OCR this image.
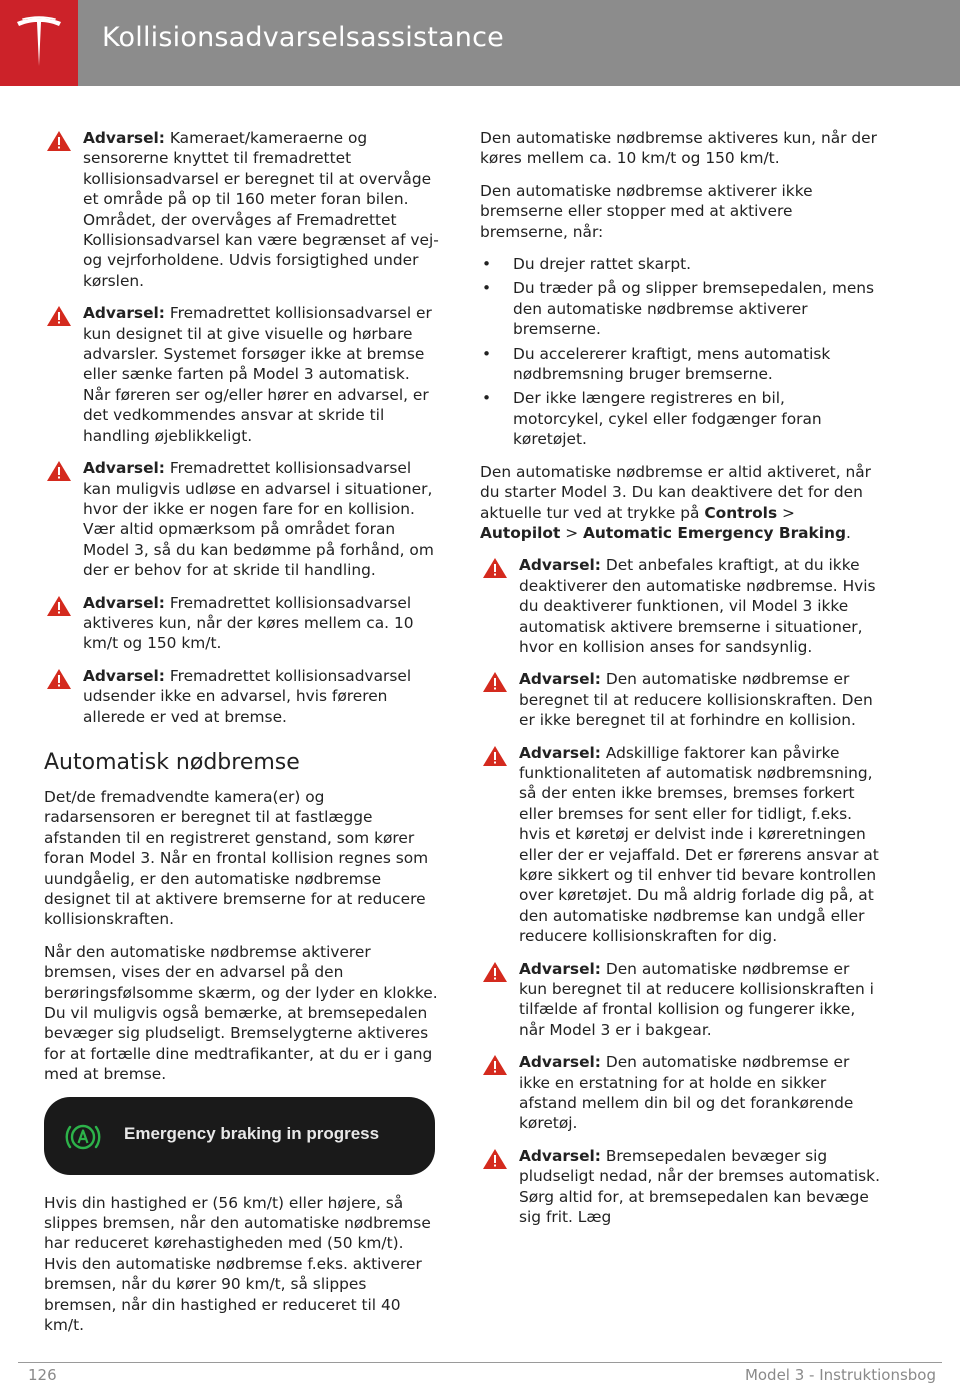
Kollisionsadvarselsassistance
Advarsel: Kameraet/kameraerne og sensorerne knyttet til fremadrettet kollisionsadvarsel er beregnet til at overvåge et område på op til 160 meter foran bilen. Området, der overvåges af Fremadrettet Kollisionsadvarsel kan være begrænset af vej- og vejrforholdene. Udvis forsigtighed under kørslen.
Advarsel: Fremadrettet kollisionsadvarsel er kun designet til at give visuelle og hørbare advarsler. Systemet forsøger ikke at bremse eller sænke farten på Model 3 automatisk. Når føreren ser og/eller hører en advarsel, er det vedkommendes ansvar at skride til handling øjeblikkeligt.
Advarsel: Fremadrettet kollisionsadvarsel kan muligvis udløse en advarsel i situationer, hvor der ikke er nogen fare for en kollision. Vær altid opmærksom på området foran Model 3, så du kan bedømme på forhånd, om der er behov for at skride til handling.
Advarsel: Fremadrettet kollisionsadvarsel aktiveres kun, når der køres mellem ca. 10 km/t og 150 km/t.
Advarsel: Fremadrettet kollisionsadvarsel udsender ikke en advarsel, hvis føreren allerede er ved at bremse.
Automatisk nødbremse

Det/de fremadvendte kamera(er) og radarsensoren er beregnet til at fastlægge afstanden til en registreret genstand, som kører foran Model 3. Når en frontal kollision regnes som uundgåelig, er den automatiske nødbremse designet til at aktivere bremserne for at reducere kollisionskraften.

Når den automatiske nødbremse aktiverer bremsen, vises der en advarsel på den berøringsfølsomme skærm, og der lyder en klokke. Du vil muligvis også bemærke, at bremsepedalen bevæger sig pludseligt. Bremselygterne aktiveres for at fortælle dine medtrafikanter, at du er i gang med at bremse.

Emergency braking in progress

Hvis din hastighed er (56 km/t) eller højere, så slippes bremsen, når den automatiske nødbremse har reduceret kørehastigheden med (50 km/t). Hvis den automatiske nødbremse f.eks. aktiverer bremsen, når du kører 90 km/t, så slippes bremsen, når din hastighed er reduceret til 40 km/t.

Den automatiske nødbremse aktiveres kun, når der køres mellem ca. 10 km/t og 150 km/t.

Den automatiske nødbremse aktiverer ikke bremserne eller stopper med at aktivere bremserne, når:

• Du drejer rattet skarpt.
• Du træder på og slipper bremsepedalen, mens den automatiske nødbremse aktiverer bremserne.
• Du accelererer kraftigt, mens automatisk nødbremsning bruger bremserne.
• Der ikke længere registreres en bil, motorcykel, cykel eller fodgænger foran køretøjet.

Den automatiske nødbremse er altid aktiveret, når du starter Model 3. Du kan deaktivere det for den aktuelle tur ved at trykke på Controls > Autopilot > Automatic Emergency Braking.

Advarsel: Det anbefales kraftigt, at du ikke deaktiverer den automatiske nødbremse. Hvis du deaktiverer funktionen, vil Model 3 ikke automatisk aktivere bremserne i situationer, hvor en kollision anses for sandsynlig.
Advarsel: Den automatiske nødbremse er beregnet til at reducere kollisionskraften. Den er ikke beregnet til at forhindre en kollision.
Advarsel: Adskillige faktorer kan påvirke funktionaliteten af automatisk nødbremsning, så der enten ikke bremses, bremses forkert eller bremses for sent eller for tidligt, f.eks. hvis et køretøj er delvist inde i køreretningen eller der er vejaffald. Det er førerens ansvar at køre sikkert og til enhver tid bevare kontrollen over køretøjet. Du må aldrig forlade dig på, at den automatiske nødbremse kan undgå eller reducere kollisionskraften for dig.
Advarsel: Den automatiske nødbremse er kun beregnet til at reducere kollisionskraften i tilfælde af frontal kollision og fungerer ikke, når Model 3 er i bakgear.
Advarsel: Den automatiske nødbremse er ikke en erstatning for at holde en sikker afstand mellem din bil og det forankørende køretøj.
Advarsel: Bremsepedalen bevæger sig pludseligt nedad, når der bremses automatisk. Sørg altid for, at bremsepedalen kan bevæge sig frit. Læg
126	Model 3 - Instruktionsbog
